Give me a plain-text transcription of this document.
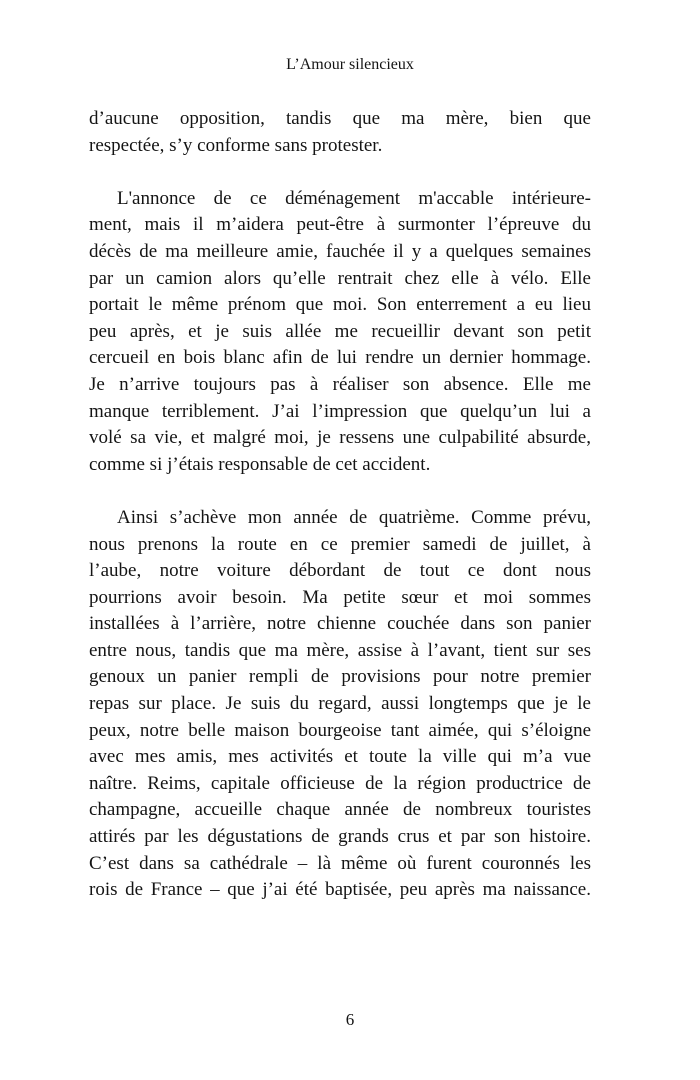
L’Amour silencieux
d’aucune opposition, tandis que ma mère, bien que
respectée, s’y conforme sans protester.
L'annonce de ce déménagement m'accable intérieure-
ment, mais il m’aidera peut-être à surmonter l’épreuve du
décès de ma meilleure amie, fauchée il y a quelques semaines
par un camion alors qu’elle rentrait chez elle à vélo. Elle
portait le même prénom que moi. Son enterrement a eu lieu
peu après, et je suis allée me recueillir devant son petit
cercueil en bois blanc afin de lui rendre un dernier hommage.
Je n’arrive toujours pas à réaliser son absence. Elle me
manque terriblement. J’ai l’impression que quelqu’un lui a
volé sa vie, et malgré moi, je ressens une culpabilité absurde,
comme si j’étais responsable de cet accident.
Ainsi s’achève mon année de quatrième. Comme prévu,
nous prenons la route en ce premier samedi de juillet, à
l’aube, notre voiture débordant de tout ce dont nous
pourrions avoir besoin. Ma petite sœur et moi sommes
installées à l’arrière, notre chienne couchée dans son panier
entre nous, tandis que ma mère, assise à l’avant, tient sur ses
genoux un panier rempli de provisions pour notre premier
repas sur place. Je suis du regard, aussi longtemps que je le
peux, notre belle maison bourgeoise tant aimée, qui s’éloigne
avec mes amis, mes activités et toute la ville qui m’a vue
naître. Reims, capitale officieuse de la région productrice de
champagne, accueille chaque année de nombreux touristes
attirés par les dégustations de grands crus et par son histoire.
C’est dans sa cathédrale – là même où furent couronnés les
rois de France – que j’ai été baptisée, peu après ma naissance.
6
